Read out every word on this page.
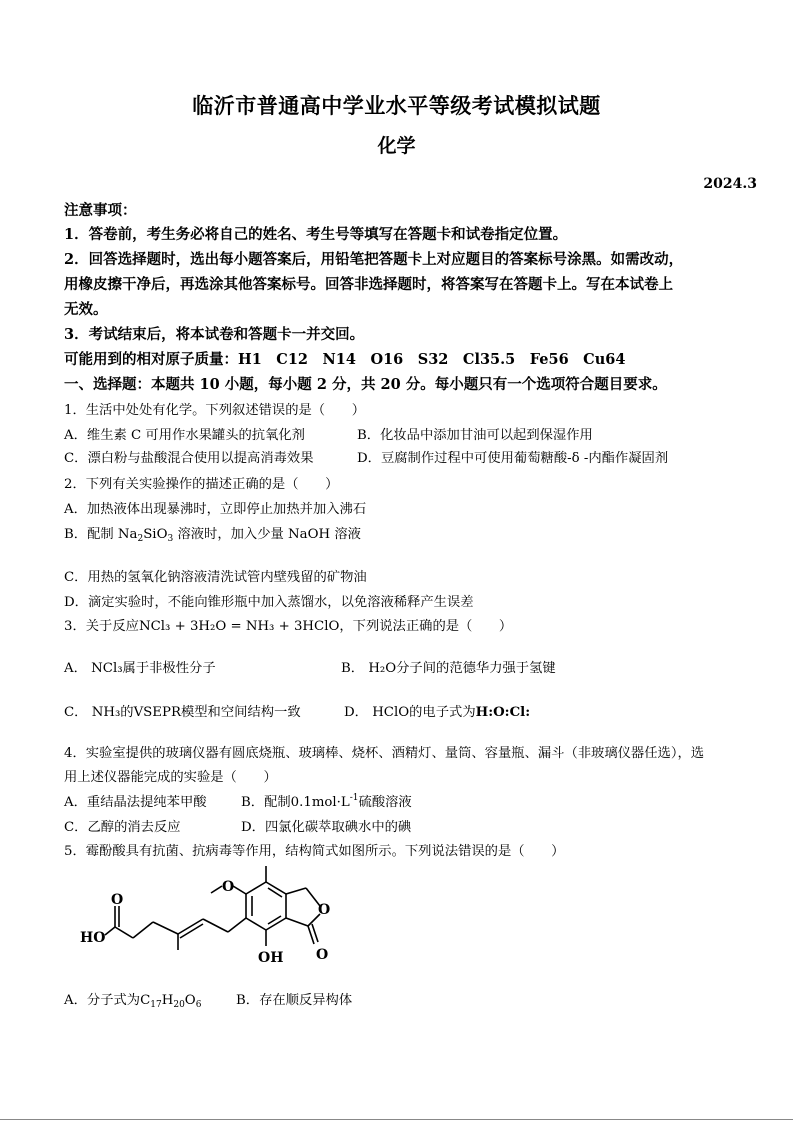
临沂市普通高中学业水平等级考试模拟试题
化学
2024.3
注意事项：
1．答卷前，考生务必将自己的姓名、考生号等填写在答题卡和试卷指定位置。
2．回答选择题时，选出每小题答案后，用铅笔把答题卡上对应题目的答案标号涂黑。如需改动，
用橡皮擦干净后，再选涂其他答案标号。回答非选择题时，将答案写在答题卡上。写在本试卷上
无效。
3．考试结束后，将本试卷和答题卡一并交回。
可能用到的相对原子质量：H1　C12　N14　O16　S32　Cl35.5　Fe56　Cu64
一、选择题：本题共 10 小题，每小题 2 分，共 20 分。每小题只有一个选项符合题目要求。
1．生活中处处有化学。下列叙述错误的是（　　）
A．维生素 C 可用作水果罐头的抗氧化剂	B．化妆品中添加甘油可以起到保湿作用
C．漂白粉与盐酸混合使用以提高消毒效果	D．豆腐制作过程中可使用葡萄糖酸-δ -内酯作凝固剂
2．下列有关实验操作的描述正确的是（　　）
A．加热液体出现暴沸时，立即停止加热并加入沸石
B．配制 $Na_2SiO_3$ 溶液时，加入少量 NaOH 溶液
C．用热的氢氧化钠溶液清洗试管内壁残留的矿物油
D．滴定实验时，不能向锥形瓶中加入蒸馏水，以免溶液稀释产生误差
3．关于反应NCl₃ + 3H₂O = NH₃ + 3HClO，下列说法正确的是（　　）
A． NCl₃属于非极性分子	B． H₂O分子间的范德华力强于氢键
C． NH₃的VSEPR模型和空间结构一致	D． HClO的电子式为H:O:Cl:
4．实验室提供的玻璃仪器有圆底烧瓶、玻璃棒、烧杯、酒精灯、量筒、容量瓶、漏斗（非玻璃仪器任选），选
用上述仪器能完成的实验是（　　）
A．重结晶法提纯苯甲酸	B．配制$0.1mol\cdot L^{-1}$硫酸溶液
C．乙醇的消去反应	D．四氯化碳萃取碘水中的碘
5．霉酚酸具有抗菌、抗病毒等作用，结构简式如图所示。下列说法错误的是（　　）
HO
O
O
OH
O
O
A．分子式为$C_{17}H_{20}O_6$	B．存在顺反异构体
